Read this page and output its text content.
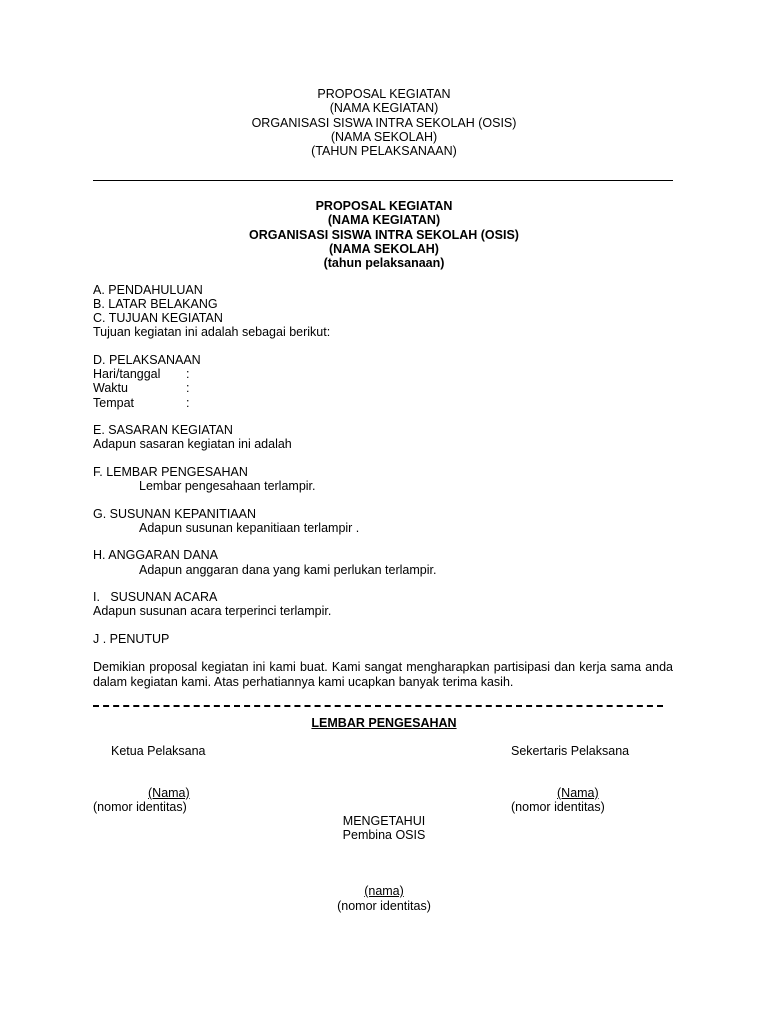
PROPOSAL KEGIATAN
(NAMA KEGIATAN)
ORGANISASI SISWA INTRA SEKOLAH (OSIS)
(NAMA SEKOLAH)
(TAHUN PELAKSANAAN)
PROPOSAL KEGIATAN
(NAMA KEGIATAN)
ORGANISASI SISWA INTRA SEKOLAH (OSIS)
(NAMA SEKOLAH)
(tahun pelaksanaan)
A. PENDAHULUAN
B. LATAR BELAKANG
C. TUJUAN KEGIATAN
Tujuan kegiatan ini adalah sebagai berikut:
D. PELAKSANAAN
Hari/tanggal :
Waktu	:
Tempat	:
E. SASARAN KEGIATAN
Adapun sasaran kegiatan ini adalah
F. LEMBAR PENGESAHAN
Lembar pengesahaan terlampir.
G. SUSUNAN KEPANITIAAN
Adapun susunan kepanitiaan terlampir .
H. ANGGARAN DANA
Adapun anggaran dana yang kami perlukan terlampir.
I.   SUSUNAN ACARA
Adapun susunan acara terperinci terlampir.
J . PENUTUP
Demikian proposal kegiatan ini kami buat. Kami sangat mengharapkan partisipasi dan kerja sama anda dalam kegiatan kami. Atas perhatiannya kami ucapkan banyak terima kasih.
LEMBAR PENGESAHAN
Ketua Pelaksana	Sekertaris Pelaksana
(Nama)	(Nama)
(nomor identitas)	(nomor identitas)
MENGETAHUI
Pembina OSIS
(nama)
(nomor identitas)
